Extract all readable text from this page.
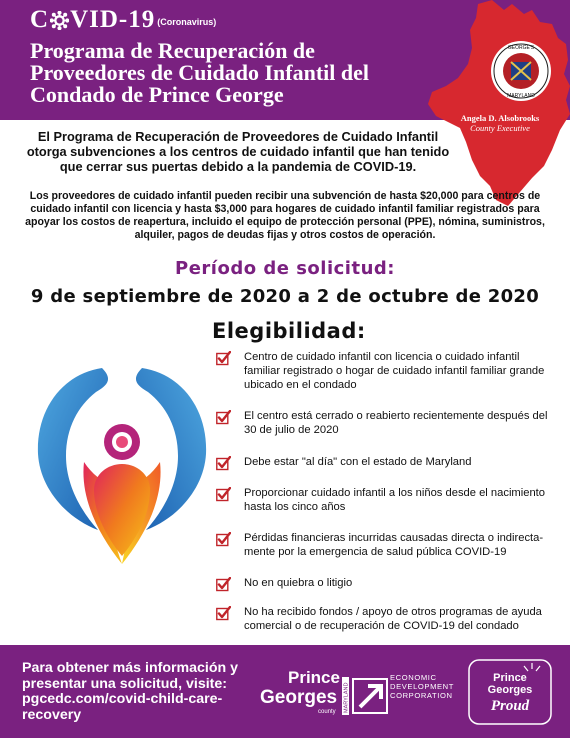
C VID-19 (Coronavirus)
Programa de Recuperación de Proveedores de Cuidado Infantil del Condado de Prince George
GEORGE'S
MARYLAND
Angela D. Alsobrooks
County Executive

El Programa de Recuperación de Proveedores de Cuidado Infantil otorga subvenciones a los centros de cuidado infantil que han tenido que cerrar sus puertas debido a la pandemia de COVID-19.

Los proveedores de cuidado infantil pueden recibir una subvención de hasta $20,000 para centros de cuidado infantil con licencia y hasta $3,000 para hogares de cuidado infantil familiar registrados para apoyar los costos de reapertura, incluido el equipo de protección personal (PPE), nómina, suministros, alquiler, pagos de deudas fijas y otros costos de operación.

Período de solicitud:
9 de septiembre de 2020 a 2 de octubre de 2020
Elegibilidad:
Centro de cuidado infantil con licencia o cuidado infantil familiar registrado o hogar de cuidado infantil familiar grande ubicado en el condado
El centro está cerrado o reabierto recientemente después del 30 de julio de 2020
Debe estar "al día" con el estado de Maryland
Proporcionar cuidado infantil a los niños desde el nacimiento hasta los cinco años
Pérdidas financieras incurridas causadas directa o indirecta-mente por la emergencia de salud pública COVID-19
No en quiebra o litigio
No ha recibido fondos / apoyo de otros programas de ayuda comercial o de recuperación de COVID-19 del condado

Para obtener más información y presentar una solicitud, visite: pgcedc.com/covid-child-care-recovery

Prince
Georges
county MARYLAND
ECONOMIC
DEVELOPMENT
CORPORATION
Prince
Georges
Proud
